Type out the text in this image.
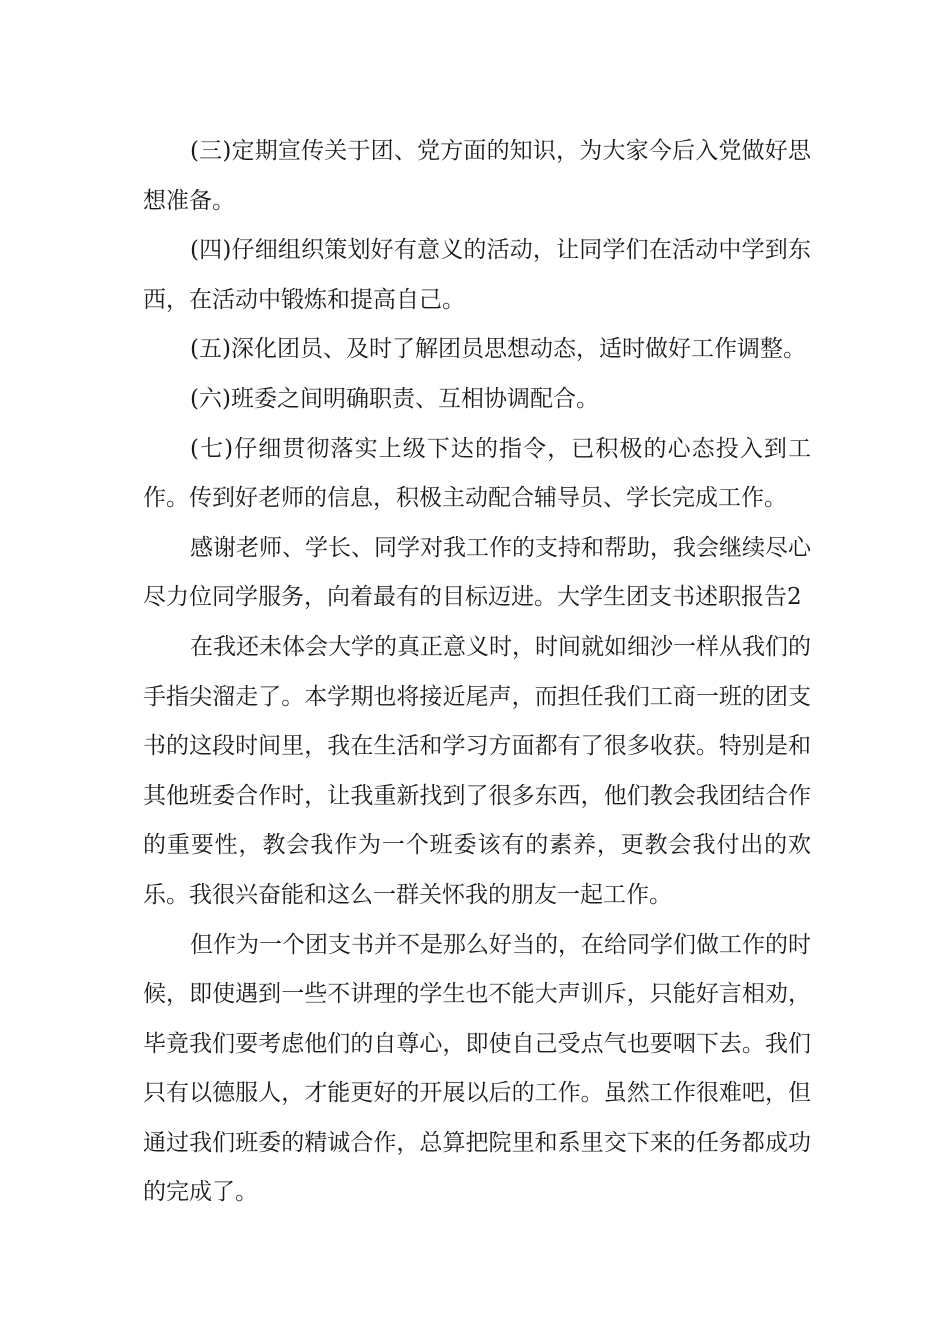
(三)定期宣传关于团、党方面的知识，为大家今后入党做好思想准备。

(四)仔细组织策划好有意义的活动，让同学们在活动中学到东西，在活动中锻炼和提高自己。

(五)深化团员、及时了解团员思想动态，适时做好工作调整。

(六)班委之间明确职责、互相协调配合。

(七)仔细贯彻落实上级下达的指令，已积极的心态投入到工作。传到好老师的信息，积极主动配合辅导员、学长完成工作。

感谢老师、学长、同学对我工作的支持和帮助，我会继续尽心尽力位同学服务，向着最有的目标迈进。大学生团支书述职报告2

在我还未体会大学的真正意义时，时间就如细沙一样从我们的手指尖溜走了。本学期也将接近尾声，而担任我们工商一班的团支书的这段时间里，我在生活和学习方面都有了很多收获。特别是和其他班委合作时，让我重新找到了很多东西，他们教会我团结合作的重要性，教会我作为一个班委该有的素养，更教会我付出的欢乐。我很兴奋能和这么一群关怀我的朋友一起工作。

但作为一个团支书并不是那么好当的，在给同学们做工作的时候，即使遇到一些不讲理的学生也不能大声训斥，只能好言相劝，毕竟我们要考虑他们的自尊心，即使自己受点气也要咽下去。我们只有以德服人，才能更好的开展以后的工作。虽然工作很难吧，但通过我们班委的精诚合作，总算把院里和系里交下来的任务都成功的完成了。
